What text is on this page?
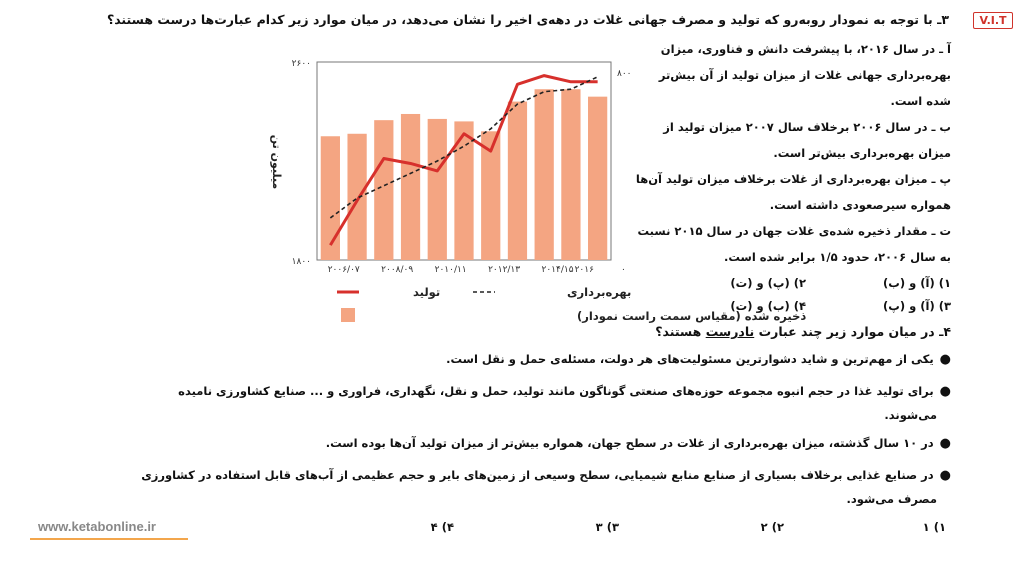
V.I.T
۳ـ با توجه به نمودار روبه‌رو که تولید و مصرف جهانی غلات در دهه‌ی اخیر را نشان می‌دهد، در میان موارد زیر کدام عبارت‌ها درست هستند؟
آ ـ در سال ۲۰۱۶، با پیشرفت دانش و فناوری، میزان
بهره‌برداری جهانی غلات از میزان تولید از آن بیش‌تر
شده است.
ب ـ در سال ۲۰۰۶ برخلاف سال ۲۰۰۷ میزان تولید از
میزان بهره‌برداری بیش‌تر است.
پ ـ میزان بهره‌برداری از غلات برخلاف میزان تولید آن‌ها
همواره سیرصعودی داشته است.
ت ـ مقدار ذخیره شده‌ی غلات جهان در سال ۲۰۱۵ نسبت
به سال ۲۰۰۶، حدود ۱/۵ برابر شده است.
۱) (آ) و (ب)
۲) (پ) و (ت)
۳) (آ) و (پ)
۴) (ب) و (ت)
۲۶۰۰
۱۸۰۰
۸۰۰
۰
میلیون تن
۲۰۰۶/۰۷ ۲۰۰۸/۰۹ ۲۰۱۰/۱۱ ۲۰۱۲/۱۳ ۲۰۱۴/۱۵ ۲۰۱۶
تولید	بهره‌برداری
ذخیره شده (مقیاس سمت راست نمودار)
۴ـ در میان موارد زیر چند عبارت نادرست هستند؟
●یکی از مهم‌ترین و شاید دشوارترین مسئولیت‌های هر دولت، مسئله‌ی حمل و نقل است.
●برای تولید غذا در حجم انبوه مجموعه حوزه‌های صنعتی گوناگون مانند تولید، حمل و نقل، نگهداری، فراوری و ... صنایع کشاورزی نامیده
می‌شوند.
●در ۱۰ سال گذشته، میزان بهره‌برداری از غلات در سطح جهان، همواره بیش‌تر از میزان تولید آن‌ها بوده است.
●در صنایع غذایی برخلاف بسیاری از صنایع منابع شیمیایی، سطح وسیعی از زمین‌های بایر و حجم عظیمی از آب‌های قابل استفاده در کشاورزی
مصرف می‌شود.
۱) ۱
۲) ۲
۳) ۳
۴) ۴
www.ketabonline.ir
